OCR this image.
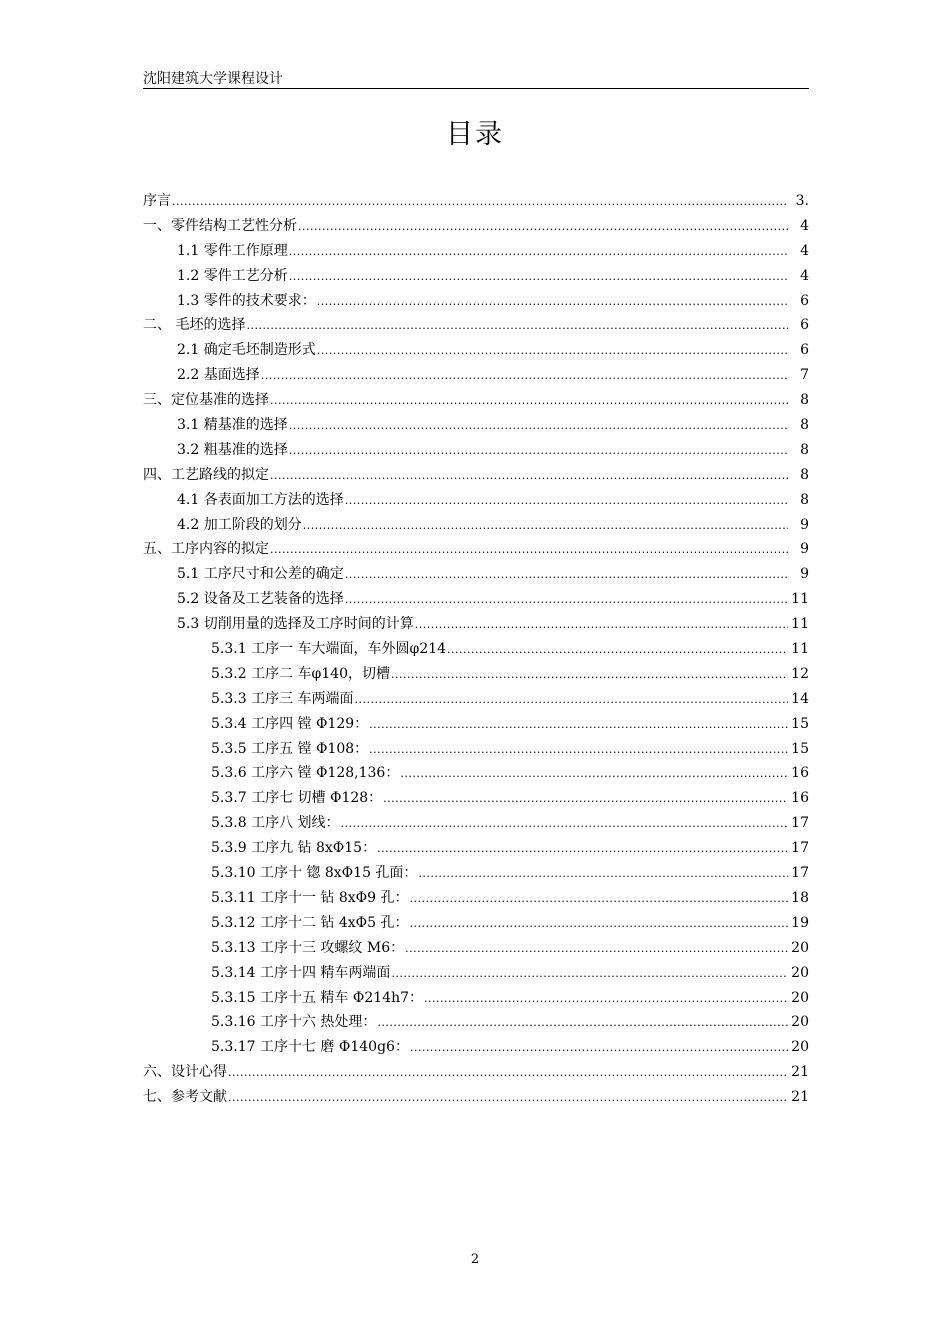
沈阳建筑大学课程设计
目录
序言 .....	3.
一、零件结构工艺性分析 .....	4
1.1 零件工作原理 .....	4
1.2 零件工艺分析 .....	4
1.3 零件的技术要求： .....	6
二、 毛坯的选择 .....	6
2.1 确定毛坯制造形式 .....	6
2.2 基面选择 .....	7
三、定位基准的选择 .....	8
3.1 精基准的选择 .....	8
3.2 粗基准的选择 .....	8
四、工艺路线的拟定 .....	8
4.1 各表面加工方法的选择 .....	8
4.2 加工阶段的划分 .....	9
五、工序内容的拟定 .....	9
5.1 工序尺寸和公差的确定 .....	9
5.2 设备及工艺装备的选择 .....	11
5.3 切削用量的选择及工序时间的计算 .....	11
5.3.1 工序一 车大端面，车外圆φ214 .....	11
5.3.2 工序二 车φ140，切槽 .....	12
5.3.3 工序三 车两端面 .....	14
5.3.4 工序四 镗 Φ129： .....	15
5.3.5 工序五 镗 Φ108： .....	15
5.3.6 工序六 镗 Φ128,136： .....	16
5.3.7 工序七 切槽 Φ128： .....	16
5.3.8 工序八 划线： .....	17
5.3.9 工序九 钻 8xΦ15： .....	17
5.3.10 工序十 锪 8xΦ15 孔面： .....	17
5.3.11 工序十一 钻 8xΦ9 孔： .....	18
5.3.12 工序十二 钻 4xΦ5 孔： .....	19
5.3.13 工序十三 攻螺纹 M6： .....	20
5.3.14 工序十四 精车两端面 .....	20
5.3.15 工序十五 精车 Φ214h7： .....	20
5.3.16 工序十六 热处理： .....	20
5.3.17 工序十七 磨 Φ140g6： .....	20
六、设计心得 .....	21
七、参考文献 .....	21
2
